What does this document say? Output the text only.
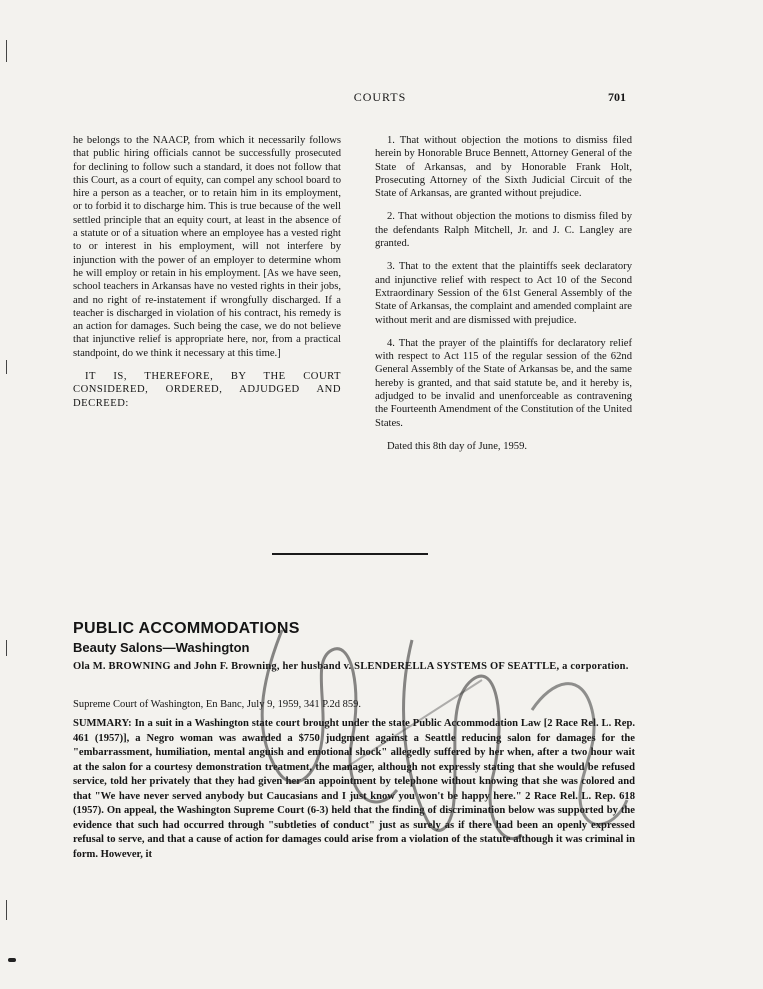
COURTS	701

he belongs to the NAACP, from which it necessarily follows that public hiring officials cannot be successfully prosecuted for declining to follow such a standard, it does not follow that this Court, as a court of equity, can compel any school board to hire a person as a teacher, or to retain him in its employment, or to forbid it to discharge him. This is true because of the well settled principle that an equity court, at least in the absence of a statute or of a situation where an employee has a vested right to or interest in his employment, will not interfere by injunction with the power of an employer to determine whom he will employ or retain in his employment. [As we have seen, school teachers in Arkansas have no vested rights in their jobs, and no right of re-instatement if wrongfully discharged. If a teacher is discharged in violation of his contract, his remedy is an action for damages. Such being the case, we do not believe that injunctive relief is appropriate here, nor, from a practical standpoint, do we think it necessary at this time.]

IT IS, THEREFORE, BY THE COURT CONSIDERED, ORDERED, ADJUDGED AND DECREED:

1. That without objection the motions to dismiss filed herein by Honorable Bruce Bennett, Attorney General of the State of Arkansas, and by Honorable Frank Holt, Prosecuting Attorney of the Sixth Judicial Circuit of the State of Arkansas, are granted without prejudice.

2. That without objection the motions to dismiss filed by the defendants Ralph Mitchell, Jr. and J. C. Langley are granted.

3. That to the extent that the plaintiffs seek declaratory and injunctive relief with respect to Act 10 of the Second Extraordinary Session of the 61st General Assembly of the State of Arkansas, the complaint and amended complaint are without merit and are dismissed with prejudice.

4. That the prayer of the plaintiffs for declaratory relief with respect to Act 115 of the regular session of the 62nd General Assembly of the State of Arkansas be, and the same hereby is granted, and that said statute be, and it hereby is, adjudged to be invalid and unenforceable as contravening the Fourteenth Amendment of the Constitution of the United States.

Dated this 8th day of June, 1959.

PUBLIC ACCOMMODATIONS
Beauty Salons—Washington
Ola M. BROWNING and John F. Browning, her husband v. SLENDERELLA SYSTEMS OF SEATTLE, a corporation.
Supreme Court of Washington, En Banc, July 9, 1959, 341 P.2d 859.
SUMMARY: In a suit in a Washington state court brought under the state Public Accommodation Law [2 Race Rel. L. Rep. 461 (1957)], a Negro woman was awarded a $750 judgment against a Seattle reducing salon for damages for the "embarrassment, humiliation, mental anguish and emotional shock" allegedly suffered by her when, after a two hour wait at the salon for a courtesy demonstration treatment, the manager, although not expressly stating that she would be refused service, told her privately that they had given her an appointment by telephone without knowing that she was colored and that "We have never served anybody but Caucasians and I just know you won't be happy here." 2 Race Rel. L. Rep. 618 (1957). On appeal, the Washington Supreme Court (6-3) held that the finding of discrimination below was supported by the evidence that such had occurred through "subtleties of conduct" just as surely as if there had been an openly expressed refusal to serve, and that a cause of action for damages could arise from a violation of the statute although it was criminal in form. However, it
